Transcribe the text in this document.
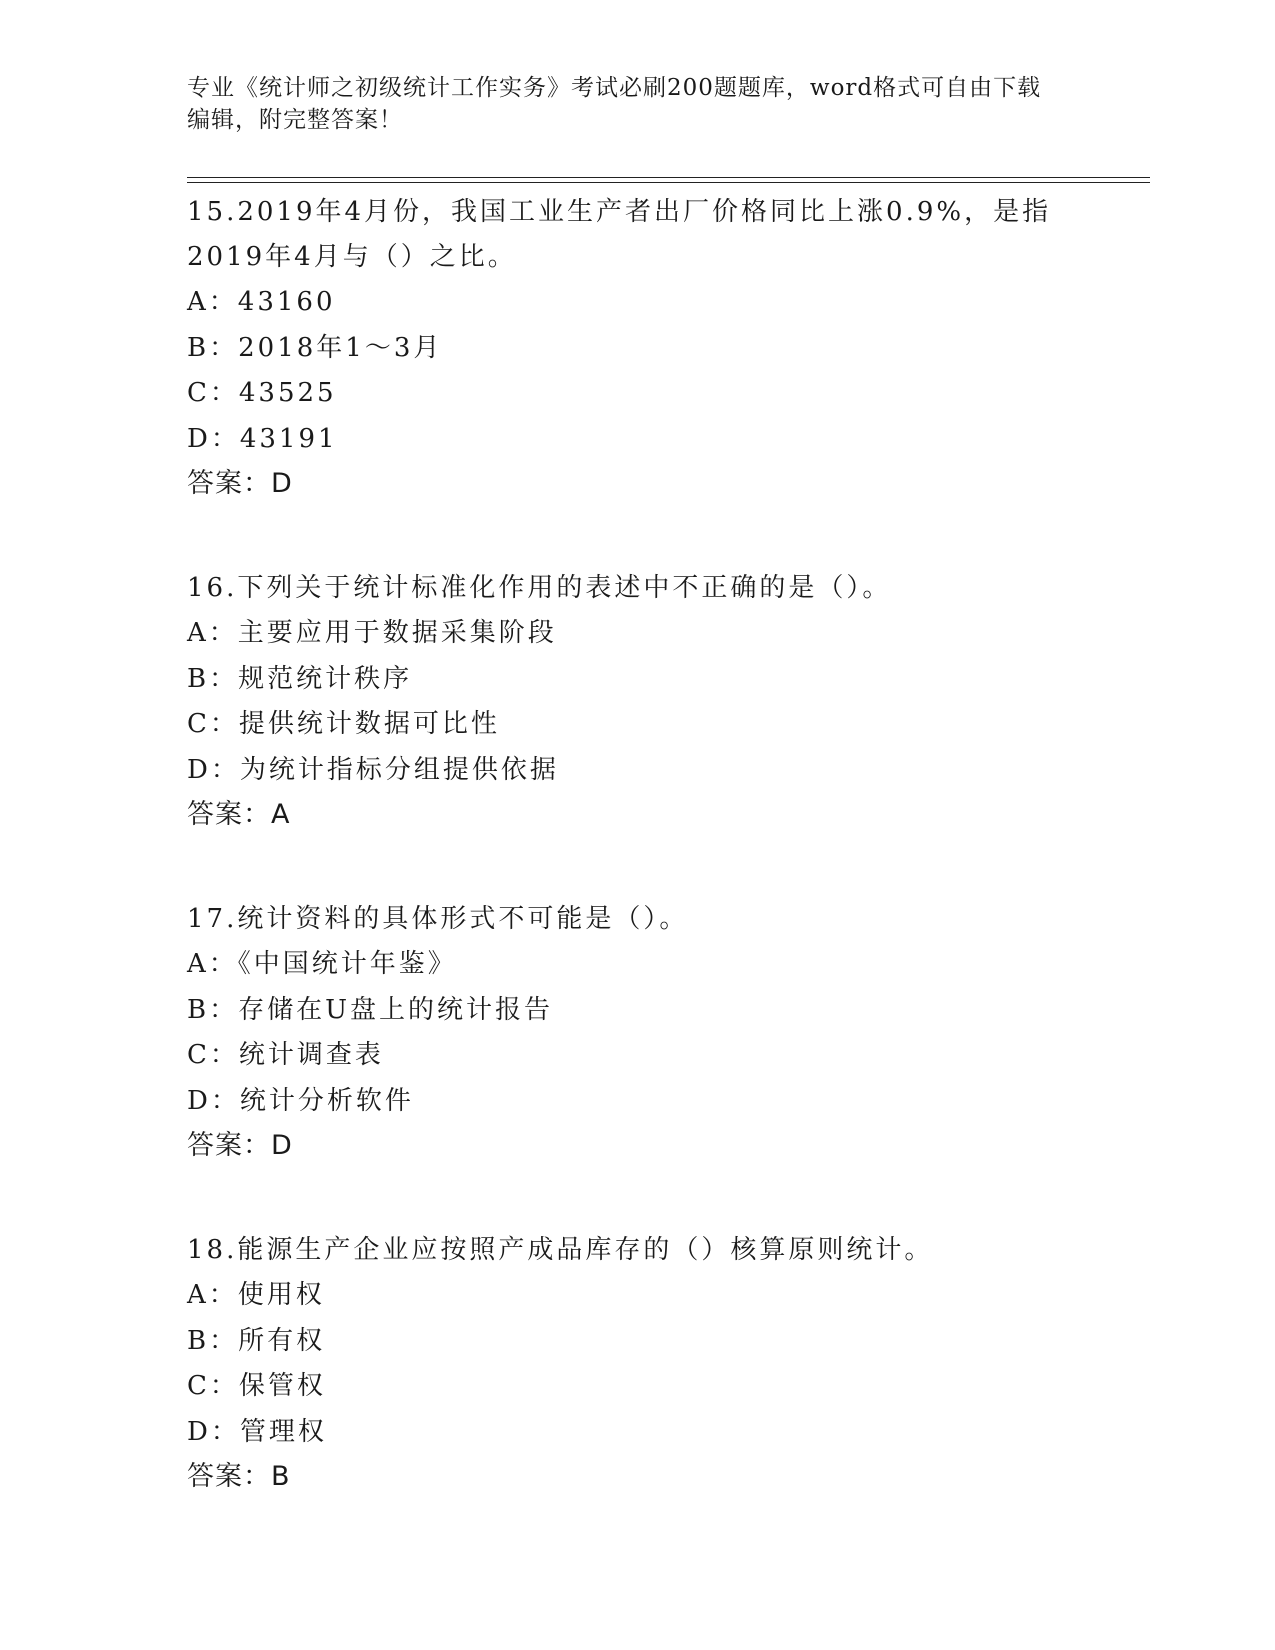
专业《统计师之初级统计工作实务》考试必刷200题题库，word格式可自由下载
编辑，附完整答案！
15.2019年4月份，我国工业生产者出厂价格同比上涨0.9%，是指
2019年4月与（）之比。
A：43160
B：2018年1～3月
C：43525
D：43191
答案：D
16.下列关于统计标准化作用的表述中不正确的是（）。
A：主要应用于数据采集阶段
B：规范统计秩序
C：提供统计数据可比性
D：为统计指标分组提供依据
答案：A
17.统计资料的具体形式不可能是（）。
A：《中国统计年鉴》
B：存储在U盘上的统计报告
C：统计调查表
D：统计分析软件
答案：D
18.能源生产企业应按照产成品库存的（）核算原则统计。
A：使用权
B：所有权
C：保管权
D：管理权
答案：B
